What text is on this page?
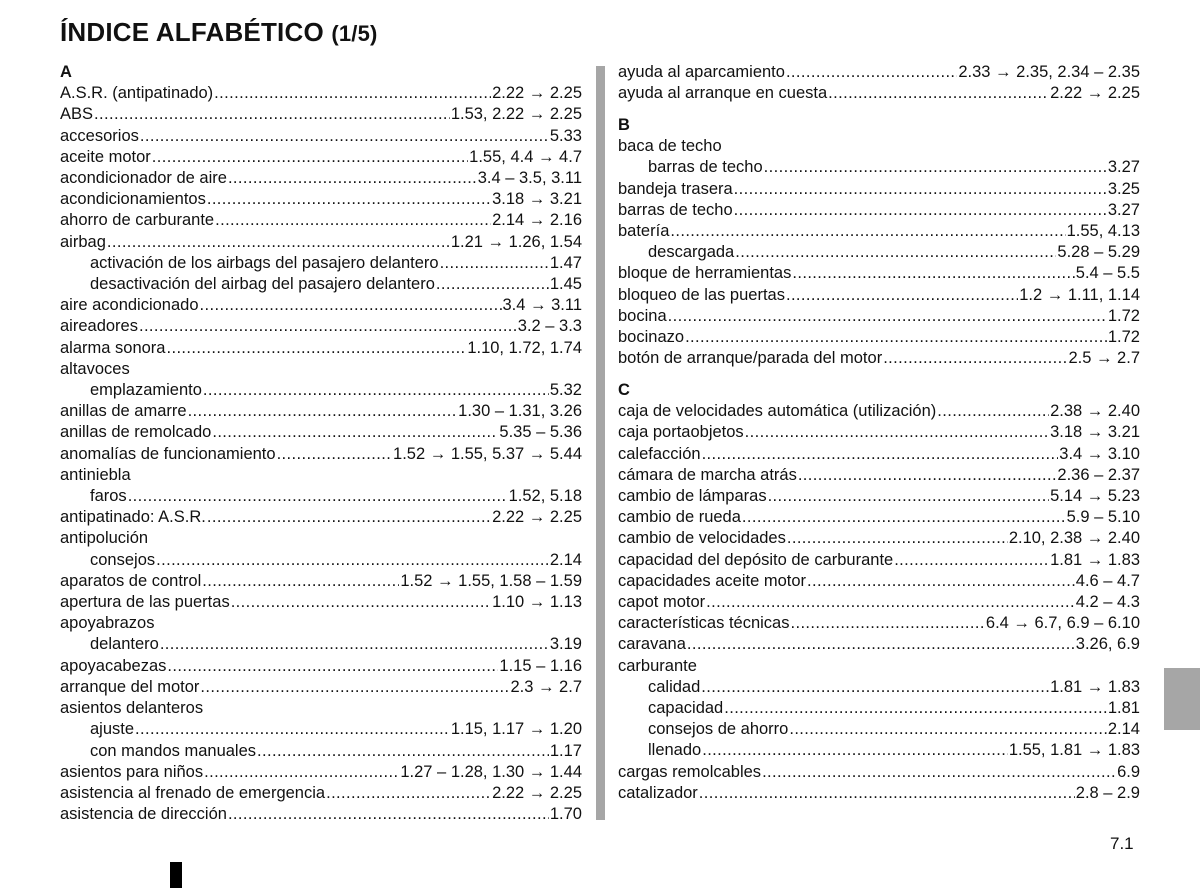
ÍNDICE ALFABÉTICO (1/5)
A
A.S.R. (antipatinado) .....	2.22 → 2.25
ABS .....	1.53, 2.22 → 2.25
accesorios .....	5.33
aceite motor .....	1.55, 4.4 → 4.7
acondicionador de aire .....	3.4 – 3.5, 3.11
acondicionamientos .....	3.18 → 3.21
ahorro de carburante .....	2.14 → 2.16
airbag .....	1.21 → 1.26, 1.54
activación de los airbags del pasajero delantero .....	1.47
desactivación del airbag del pasajero delantero .....	1.45
aire acondicionado .....	3.4 → 3.11
aireadores .....	3.2 – 3.3
alarma sonora .....	1.10, 1.72, 1.74
altavoces
emplazamiento .....	5.32
anillas de amarre .....	1.30 – 1.31, 3.26
anillas de remolcado .....	5.35 – 5.36
anomalías de funcionamiento .....	1.52 → 1.55, 5.37 → 5.44
antiniebla
faros .....	1.52, 5.18
antipatinado: A.S.R. .....	2.22 → 2.25
antipolución
consejos .....	2.14
aparatos de control .....	1.52 → 1.55, 1.58 – 1.59
apertura de las puertas .....	1.10 → 1.13
apoyabrazos
delantero .....	3.19
apoyacabezas .....	1.15 – 1.16
arranque del motor .....	2.3 → 2.7
asientos delanteros
ajuste .....	1.15, 1.17 → 1.20
con mandos manuales .....	1.17
asientos para niños .....	1.27 – 1.28, 1.30 → 1.44
asistencia al frenado de emergencia .....	2.22 → 2.25
asistencia de dirección .....	1.70
ayuda al aparcamiento .....	2.33 → 2.35, 2.34 – 2.35
ayuda al arranque en cuesta .....	2.22 → 2.25
B
baca de techo
barras de techo .....	3.27
bandeja trasera .....	3.25
barras de techo .....	3.27
batería .....	1.55, 4.13
descargada .....	5.28 – 5.29
bloque de herramientas .....	5.4 – 5.5
bloqueo de las puertas .....	1.2 → 1.11, 1.14
bocina .....	1.72
bocinazo .....	1.72
botón de arranque/parada del motor .....	2.5 → 2.7
C
caja de velocidades automática (utilización) .....	2.38 → 2.40
caja portaobjetos .....	3.18 → 3.21
calefacción .....	3.4 → 3.10
cámara de marcha atrás .....	2.36 – 2.37
cambio de lámparas .....	5.14 → 5.23
cambio de rueda .....	5.9 – 5.10
cambio de velocidades .....	2.10, 2.38 → 2.40
capacidad del depósito de carburante .....	1.81 → 1.83
capacidades aceite motor .....	4.6 – 4.7
capot motor .....	4.2 – 4.3
características técnicas .....	6.4 → 6.7, 6.9 – 6.10
caravana .....	3.26, 6.9
carburante
calidad .....	1.81 → 1.83
capacidad .....	1.81
consejos de ahorro .....	2.14
llenado .....	1.55, 1.81 → 1.83
cargas remolcables .....	6.9
catalizador .....	2.8 – 2.9
7.1
